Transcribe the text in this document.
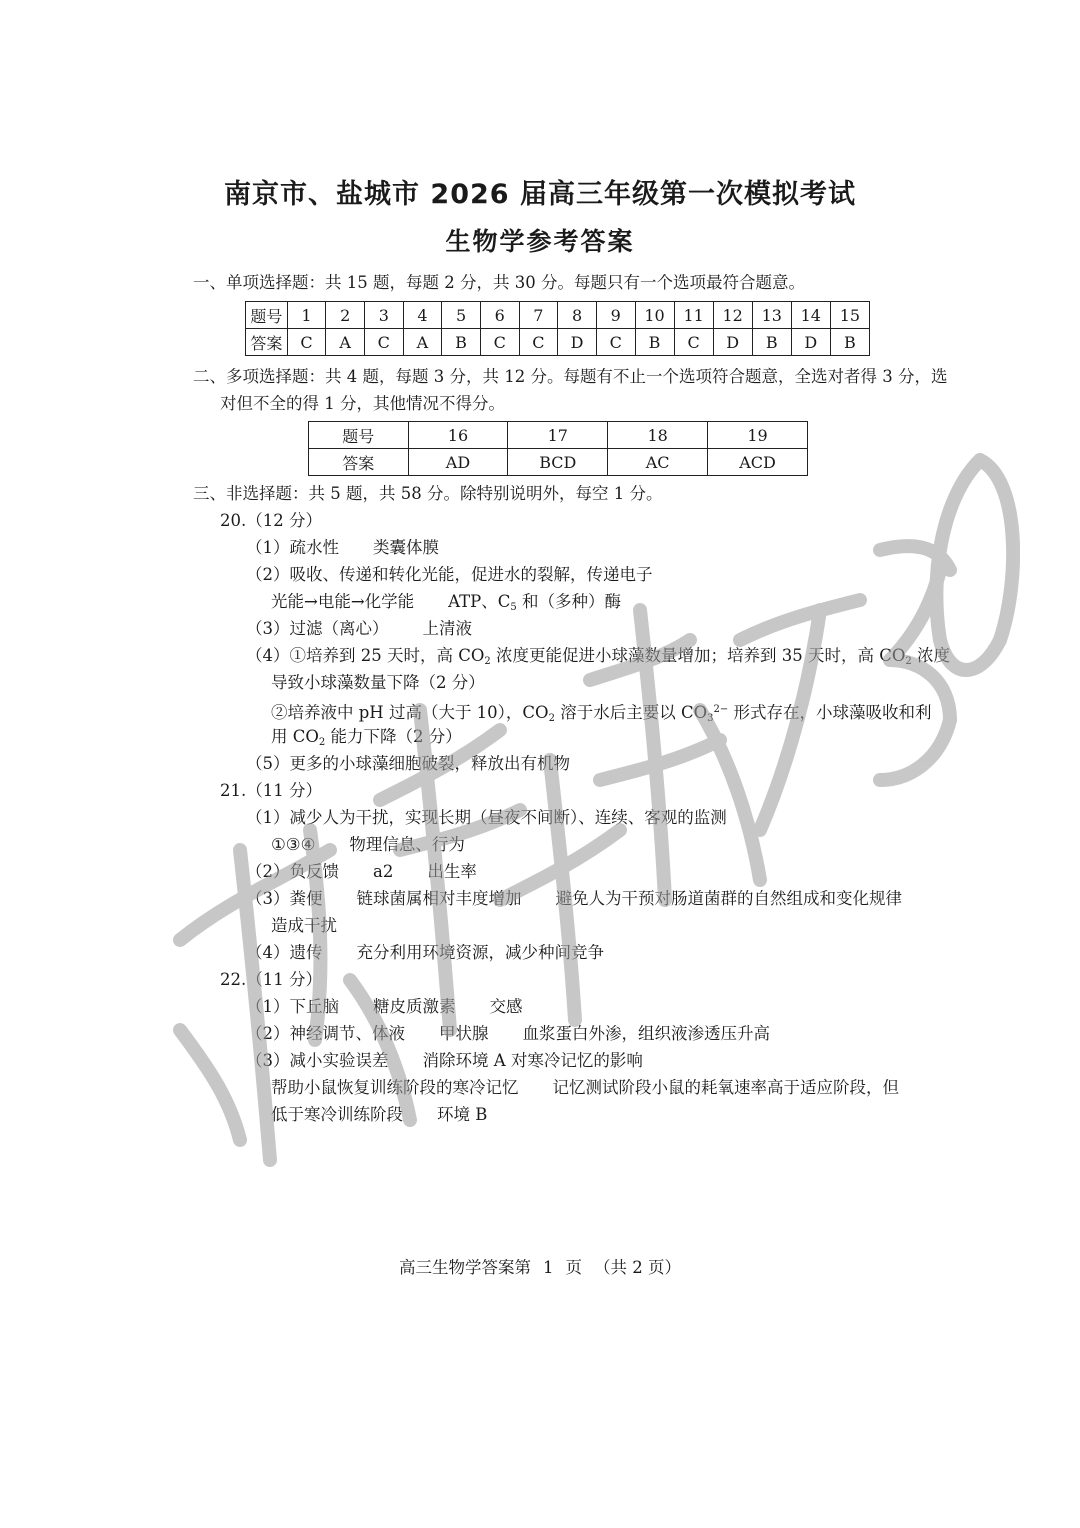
南京市、盐城市 2026 届高三年级第一次模拟考试
生物学参考答案
一、单项选择题：共 15 题，每题 2 分，共 30 分。每题只有一个选项最符合题意。
题号	1	2	3	4	5	6	7	8	9	10	11	12	13	14	15
答案	C	A	C	A	B	C	C	D	C	B	C	D	B	D	B
二、多项选择题：共 4 题，每题 3 分，共 12 分。每题有不止一个选项符合题意，全选对者得 3 分，选
对但不全的得 1 分，其他情况不得分。
题号	16	17	18	19
答案	AD	BCD	AC	ACD
三、非选择题：共 5 题，共 58 分。除特别说明外，每空 1 分。
20.（12 分）
（1）疏水性 类囊体膜
（2）吸收、传递和转化光能，促进水的裂解，传递电子
光能→电能→化学能 ATP、C5 和（多种）酶
（3）过滤（离心） 上清液
（4）①培养到 25 天时，高 CO2 浓度更能促进小球藻数量增加；培养到 35 天时，高 CO2 浓度
导致小球藻数量下降（2 分）
②培养液中 pH 过高（大于 10），CO2 溶于水后主要以 $CO3^{2-}$ 形式存在，小球藻吸收和利
用 CO2 能力下降（2 分）
（5）更多的小球藻细胞破裂，释放出有机物
21.（11 分）
（1）减少人为干扰，实现长期（昼夜不间断）、连续、客观的监测
①③④ 物理信息、行为
（2）负反馈 a2 出生率
（3）粪便 链球菌属相对丰度增加 避免人为干预对肠道菌群的自然组成和变化规律
造成干扰
（4）遗传 充分利用环境资源，减少种间竞争
22.（11 分）
（1）下丘脑 糖皮质激素 交感
（2）神经调节、体液 甲状腺 血浆蛋白外渗，组织液渗透压升高
（3）减小实验误差 消除环境 A 对寒冷记忆的影响
帮助小鼠恢复训练阶段的寒冷记忆 记忆测试阶段小鼠的耗氧速率高于适应阶段，但
低于寒冷训练阶段 环境 B
高三生物学答案第 1 页 （共 2 页）
